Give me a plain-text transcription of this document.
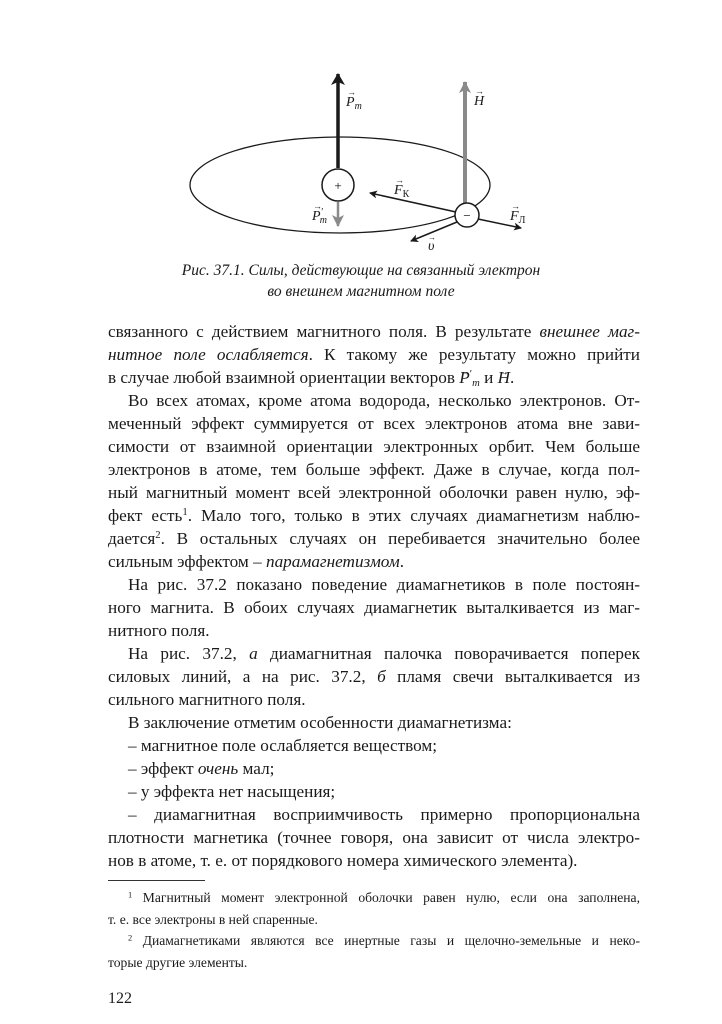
+
−
$P_m$
→
P′ m
→
H
→
$F_К$
→
$F_Л$
→
υ
→
Рис. 37.1. Силы, действующие на связанный электрон
во внешнем магнитном поле
связанного с действием магнитного поля. В результате внешнее маг-
нитное поле ослабляется. К такому же результату можно прийти
в случае любой взаимной ориентации векторов → $P'_m$ и → H.
Во всех атомах, кроме атома водорода, несколько электронов. От-
меченный эффект суммируется от всех электронов атома вне зави-
симости от взаимной ориентации электронных орбит. Чем больше
электронов в атоме, тем больше эффект. Даже в случае, когда пол-
ный магнитный момент всей электронной оболочки равен нулю, эф-
фект есть$^1$. Мало того, только в этих случаях диамагнетизм наблю-
дается$^2$. В остальных случаях он перебивается значительно более
сильным эффектом – парамагнетизмом.
На рис. 37.2 показано поведение диамагнетиков в поле постоян-
ного магнита. В обоих случаях диамагнетик выталкивается из маг-
нитного поля.
На рис. 37.2, а диамагнитная палочка поворачивается поперек
силовых линий, а на рис. 37.2, б пламя свечи выталкивается из
сильного магнитного поля.
В заключение отметим особенности диамагнетизма:
– магнитное поле ослабляется веществом;
– эффект очень мал;
– у эффекта нет насыщения;
– диамагнитная восприимчивость примерно пропорциональна
плотности магнетика (точнее говоря, она зависит от числа электро-
нов в атоме, т. е. от порядкового номера химического элемента).
$^1$ Магнитный момент электронной оболочки равен нулю, если она заполнена,
т. е. все электроны в ней спаренные.
$^2$ Диамагнетиками являются все инертные газы и щелочно-земельные и неко-
торые другие элементы.
122
